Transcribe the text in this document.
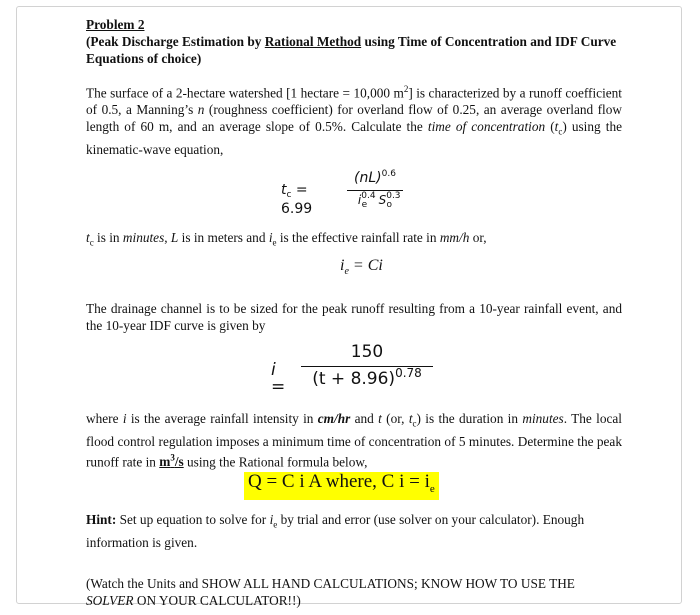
Problem 2
(Peak Discharge Estimation by Rational Method using Time of Concentration and IDF Curve Equations of choice)
The surface of a 2-hectare watershed [1 hectare = 10,000 $m^2$] is characterized by a runoff coefficient of 0.5, a Manning’s n (roughness coefficient) for overland flow of 0.25, an average overland flow length of 60 m, and an average slope of 0.5%. Calculate the time of concentration $(t_c)$ using the kinematic-wave equation,
$t_c = 6.99$
(nL)$^{0.6}$
$i^{0.4}_e$ $S^{0.3}_o$
$t_c$ is in minutes, L is in meters and $i_e$ is the effective rainfall rate in mm/h or,
$i_e = Ci$
The drainage channel is to be sized for the peak runoff resulting from a 10-year rainfall event, and the 10-year IDF curve is given by
i =
150
$(t + 8.96)^{0.78}$
where i is the average rainfall intensity in cm/hr and t (or, $t_c$) is the duration in minutes. The local flood control regulation imposes a minimum time of concentration of 5 minutes. Determine the peak runoff rate in $m^3/s$ using the Rational formula below,
Q = C i A where, C $i = i_e$
Hint: Set up equation to solve for $i_e$ by trial and error (use solver on your calculator). Enough information is given.
(Watch the Units and SHOW ALL HAND CALCULATIONS; KNOW HOW TO USE THE SOLVER ON YOUR CALCULATOR!!)
